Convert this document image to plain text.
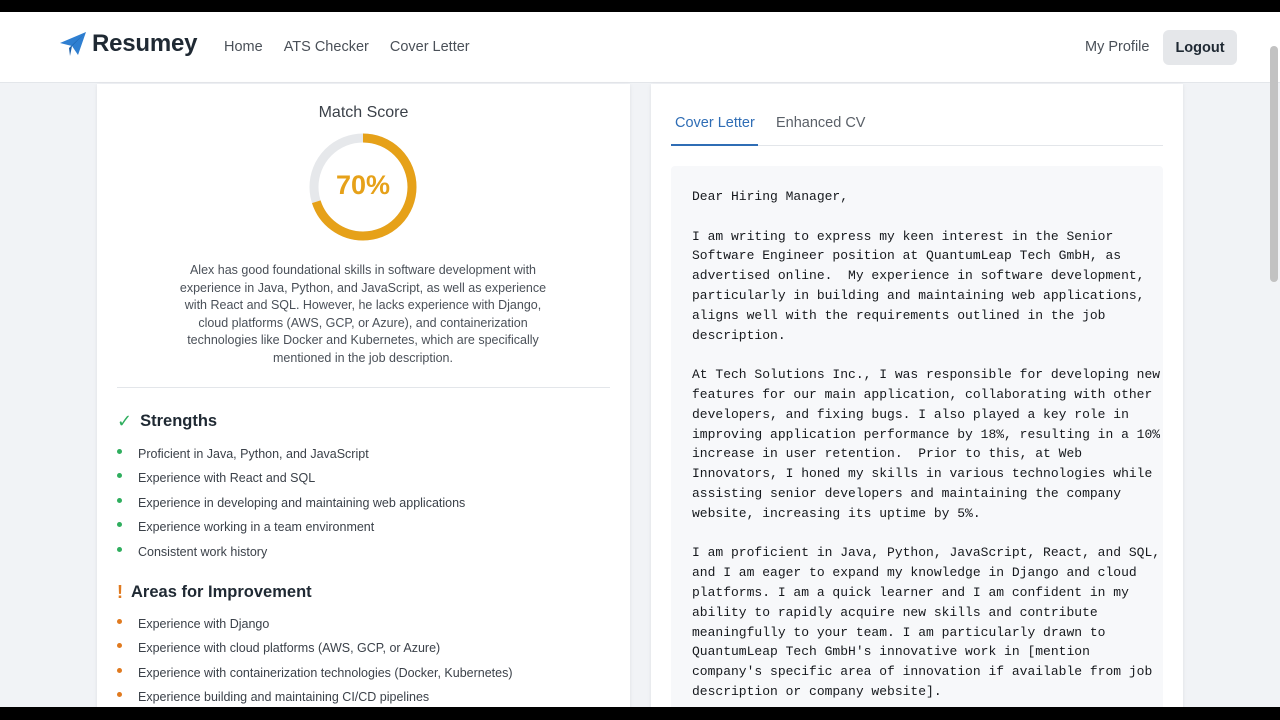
Resumey Home ATS Checker Cover Letter	My Profile	Logout
Match Score
70%

Alex has good foundational skills in software development with experience in Java, Python, and JavaScript, as well as experience with React and SQL. However, he lacks experience with Django, cloud platforms (AWS, GCP, or Azure), and containerization technologies like Docker and Kubernetes, which are specifically mentioned in the job description.

✓ Strengths
Proficient in Java, Python, and JavaScript
Experience with React and SQL
Experience in developing and maintaining web applications
Experience working in a team environment
Consistent work history
! Areas for Improvement
Experience with Django
Experience with cloud platforms (AWS, GCP, or Azure)
Experience with containerization technologies (Docker, Kubernetes)
Experience building and maintaining CI/CD pipelines
Cover Letter Enhanced CV
Dear Hiring Manager,

I am writing to express my keen interest in the Senior Software Engineer position at QuantumLeap Tech GmbH, as advertised online.  My experience in software development, particularly in building and maintaining web applications, aligns well with the requirements outlined in the job description.

At Tech Solutions Inc., I was responsible for developing new features for our main application, collaborating with other developers, and fixing bugs. I also played a key role in improving application performance by 18%, resulting in a 10% increase in user retention.  Prior to this, at Web Innovators, I honed my skills in various technologies while assisting senior developers and maintaining the company website, increasing its uptime by 5%.

I am proficient in Java, Python, JavaScript, React, and SQL, and I am eager to expand my knowledge in Django and cloud platforms. I am a quick learner and I am confident in my ability to rapidly acquire new skills and contribute meaningfully to your team. I am particularly drawn to QuantumLeap Tech GmbH's innovative work in [mention company's specific area of innovation if available from job description or company website].
